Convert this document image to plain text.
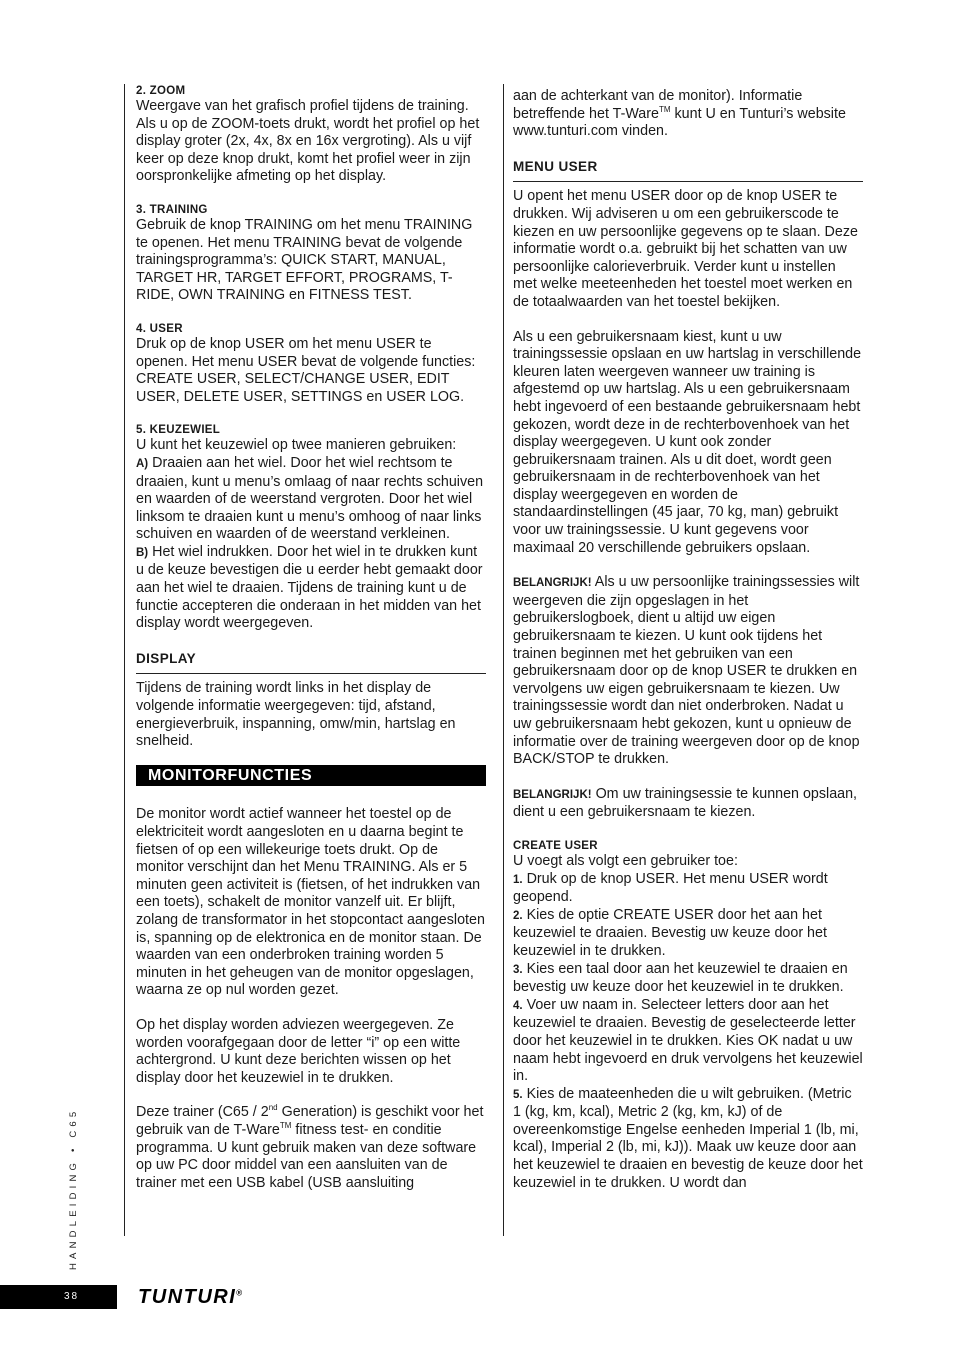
2. ZOOM

Weergave van het grafisch profiel tijdens de training. Als u op de ZOOM-toets drukt, wordt het profiel op het display groter (2x, 4x, 8x en 16x vergroting). Als u vijf keer op deze knop drukt, komt het profiel weer in zijn oorspronkelijke afmeting op het display.

3. TRAINING

Gebruik de knop TRAINING om het menu TRAINING te openen. Het menu TRAINING bevat de volgende trainingsprogramma’s: QUICK START, MANUAL, TARGET HR, TARGET EFFORT, PROGRAMS, T-RIDE, OWN TRAINING en FITNESS TEST.

4. USER

Druk op de knop USER om het menu USER te openen. Het menu USER bevat de volgende functies: CREATE USER, SELECT/CHANGE USER, EDIT USER, DELETE USER, SETTINGS en USER LOG.

5. KEUZEWIEL

U kunt het keuzewiel op twee manieren gebruiken:

A) Draaien aan het wiel. Door het wiel rechtsom te draaien, kunt u menu’s omlaag of naar rechts schuiven en waarden of de weerstand vergroten. Door het wiel linksom te draaien kunt u menu’s omhoog of naar links schuiven en waarden of de weerstand verkleinen.

B) Het wiel indrukken. Door het wiel in te drukken kunt u de keuze bevestigen die u eerder hebt gemaakt door aan het wiel te draaien. Tijdens de training kunt u de functie accepteren die onderaan in het midden van het display wordt weergegeven.

DISPLAY

Tijdens de training wordt links in het display de volgende informatie weergegeven: tijd, afstand, energieverbruik, inspanning, omw/min, hartslag en snelheid.

MONITORFUNCTIES

De monitor wordt actief wanneer het toestel op de elektriciteit wordt aangesloten en u daarna begint te fietsen of op een willekeurige toets drukt. Op de monitor verschijnt dan het Menu TRAINING. Als er 5 minuten geen activiteit is (fietsen, of het indrukken van een toets), schakelt de monitor vanzelf uit. Er blijft, zolang de transformator in het stopcontact aangesloten is, spanning op de elektronica en de monitor staan. De waarden van een onderbroken training worden 5 minuten in het geheugen van de monitor opgeslagen, waarna ze op nul worden gezet.

Op het display worden adviezen weergegeven. Ze worden voorafgegaan door de letter “i” op een witte achtergrond. U kunt deze berichten wissen op het display door het keuzewiel in te drukken.

Deze trainer (C65 / 2nd Generation) is geschikt voor het gebruik van de T-Ware™ fitness test- en conditie programma. U kunt gebruik maken van deze software op uw PC door middel van een aansluiten van de trainer met een USB kabel (USB aansluiting

aan de achterkant van de monitor). Informatie betreffende het T-Ware™ kunt U en Tunturi’s website www.tunturi.com vinden.

MENU USER

U opent het menu USER door op de knop USER te drukken. Wij adviseren u om een gebruikerscode te kiezen en uw persoonlijke gegevens op te slaan. Deze informatie wordt o.a. gebruikt bij het schatten van uw persoonlijke calorieverbruik. Verder kunt u instellen met welke meeteenheden het toestel moet werken en de totaalwaarden van het toestel bekijken.

Als u een gebruikersnaam kiest, kunt u uw trainingssessie opslaan en uw hartslag in verschillende kleuren laten weergeven wanneer uw training is afgestemd op uw hartslag. Als u een gebruikersnaam hebt ingevoerd of een bestaande gebruikersnaam hebt gekozen, wordt deze in de rechterbovenhoek van het display weergegeven. U kunt ook zonder gebruikersnaam trainen. Als u dit doet, wordt geen gebruikersnaam in de rechterbovenhoek van het display weergegeven en worden de standaardinstellingen (45 jaar, 70 kg, man) gebruikt voor uw trainingssessie. U kunt gegevens voor maximaal 20 verschillende gebruikers opslaan.

BELANGRIJK! Als u uw persoonlijke trainingssessies wilt weergeven die zijn opgeslagen in het gebruikerslogboek, dient u altijd uw eigen gebruikersnaam te kiezen. U kunt ook tijdens het trainen beginnen met het gebruiken van een gebruikersnaam door op de knop USER te drukken en vervolgens uw eigen gebruikersnaam te kiezen. Uw trainingssessie wordt dan niet onderbroken. Nadat u uw gebruikersnaam hebt gekozen, kunt u opnieuw de informatie over de training weergeven door op de knop BACK/STOP te drukken.

BELANGRIJK! Om uw trainingsessie te kunnen opslaan, dient u een gebruikersnaam te kiezen.

CREATE USER

U voegt als volgt een gebruiker toe:

1. Druk op de knop USER. Het menu USER wordt geopend.

2. Kies de optie CREATE USER door het aan het keuzewiel te draaien. Bevestig uw keuze door het keuzewiel in te drukken.

3. Kies een taal door aan het keuzewiel te draaien en bevestig uw keuze door het keuzewiel in te drukken.

4. Voer uw naam in. Selecteer letters door aan het keuzewiel te draaien. Bevestig de geselecteerde letter door het keuzewiel in te drukken. Kies OK nadat u uw naam hebt ingevoerd en druk vervolgens het keuzewiel in.

5. Kies de maateenheden die u wilt gebruiken. (Metric 1 (kg, km, kcal), Metric 2 (kg, km, kJ) of de overeenkomstige Engelse eenheden Imperial 1 (lb, mi, kcal), Imperial 2 (lb, mi, kJ)). Maak uw keuze door aan het keuzewiel te draaien en bevestig de keuze door het keuzewiel in te drukken. U wordt dan

HANDLEIDING • C65
38	TUNTURI®
